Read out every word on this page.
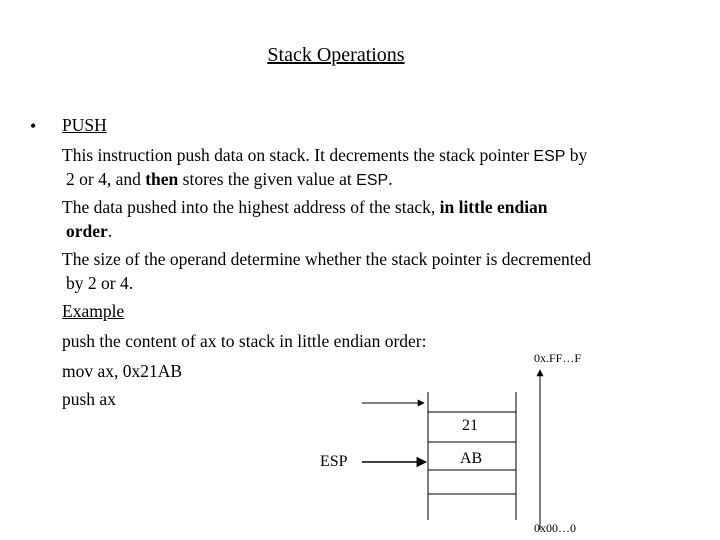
Stack Operations
• PUSH
This instruction push data on stack. It decrements the stack pointer ESP by
2 or 4, and then stores the given value at ESP.
The data pushed into the highest address of the stack, in little endian
order.
The size of the operand determine whether the stack pointer is decremented
by 2 or 4.
Example
push the content of ax to stack in little endian order:
mov ax, 0x21AB
push ax
21
AB
ESP
0x.FF…F
0x00…0
